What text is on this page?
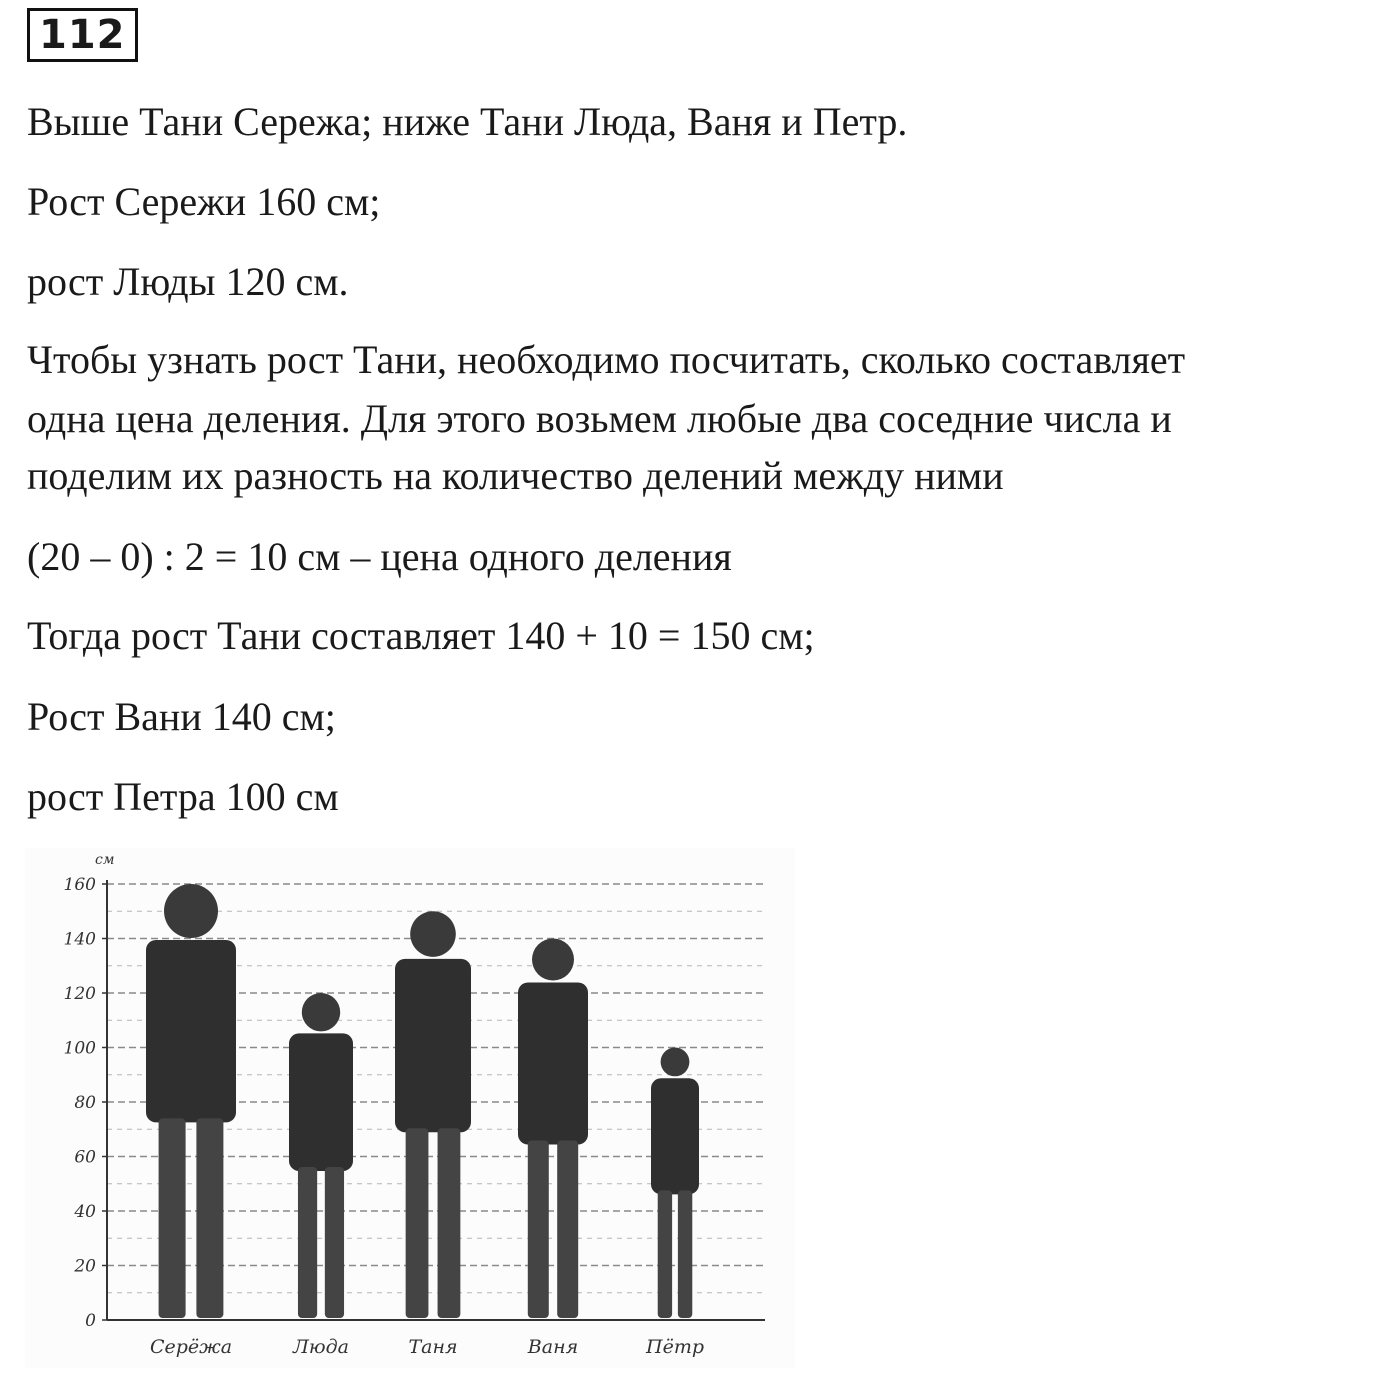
112

Выше Тани Сережа; ниже Тани Люда, Ваня и Петр.

Рост Сережи 160 см;

рост Люды 120 см.

Чтобы узнать рост Тани, необходимо посчитать, сколько составляет

одна цена деления. Для этого возьмем любые два соседние числа и

поделим их разность на количество делений между ними

(20 – 0) : 2 = 10 см – цена одного деления

Тогда рост Тани составляет 140 + 10 = 150 см;

Рост Вани 140 см;

рост Петра 100 см

см
0
20
40
60
80
100
120
140
160
Серёжа	Люда	Таня	Ваня	Пётр
